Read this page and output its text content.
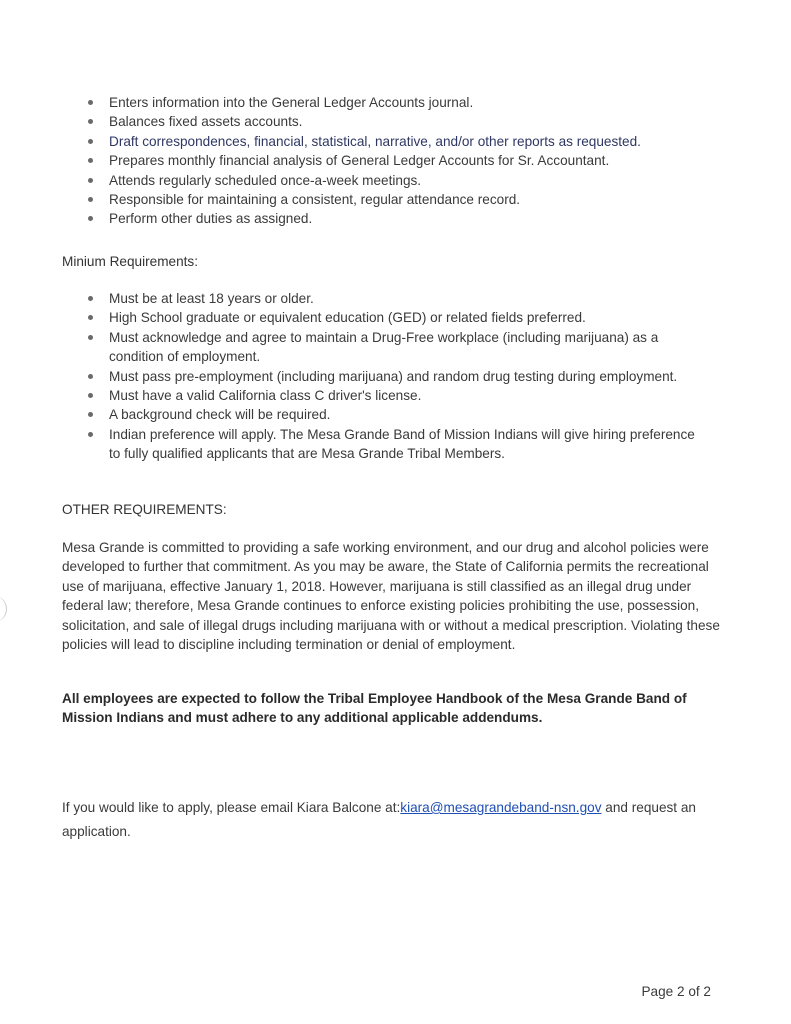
Enters information into the General Ledger Accounts journal.
Balances fixed assets accounts.
Draft correspondences, financial, statistical, narrative, and/or other reports as requested.
Prepares monthly financial analysis of General Ledger Accounts for Sr. Accountant.
Attends regularly scheduled once-a-week meetings.
Responsible for maintaining a consistent, regular attendance record.
Perform other duties as assigned.
Minium Requirements:
Must be at least 18 years or older.
High School graduate or equivalent education (GED) or related fields preferred.
Must acknowledge and agree to maintain a Drug-Free workplace (including marijuana) as a condition of employment.
Must pass pre-employment (including marijuana) and random drug testing during employment.
Must have a valid California class C driver's license.
A background check will be required.
Indian preference will apply. The Mesa Grande Band of Mission Indians will give hiring preference to fully qualified applicants that are Mesa Grande Tribal Members.
OTHER REQUIREMENTS:

Mesa Grande is committed to providing a safe working environment, and our drug and alcohol policies were developed to further that commitment. As you may be aware, the State of California permits the recreational use of marijuana, effective January 1, 2018. However, marijuana is still classified as an illegal drug under federal law; therefore, Mesa Grande continues to enforce existing policies prohibiting the use, possession, solicitation, and sale of illegal drugs including marijuana with or without a medical prescription. Violating these policies will lead to discipline including termination or denial of employment.

All employees are expected to follow the Tribal Employee Handbook of the Mesa Grande Band of Mission Indians and must adhere to any additional applicable addendums.

If you would like to apply, please email Kiara Balcone at:kiara@mesagrandeband-nsn.gov and request an application.

Page 2 of 2
